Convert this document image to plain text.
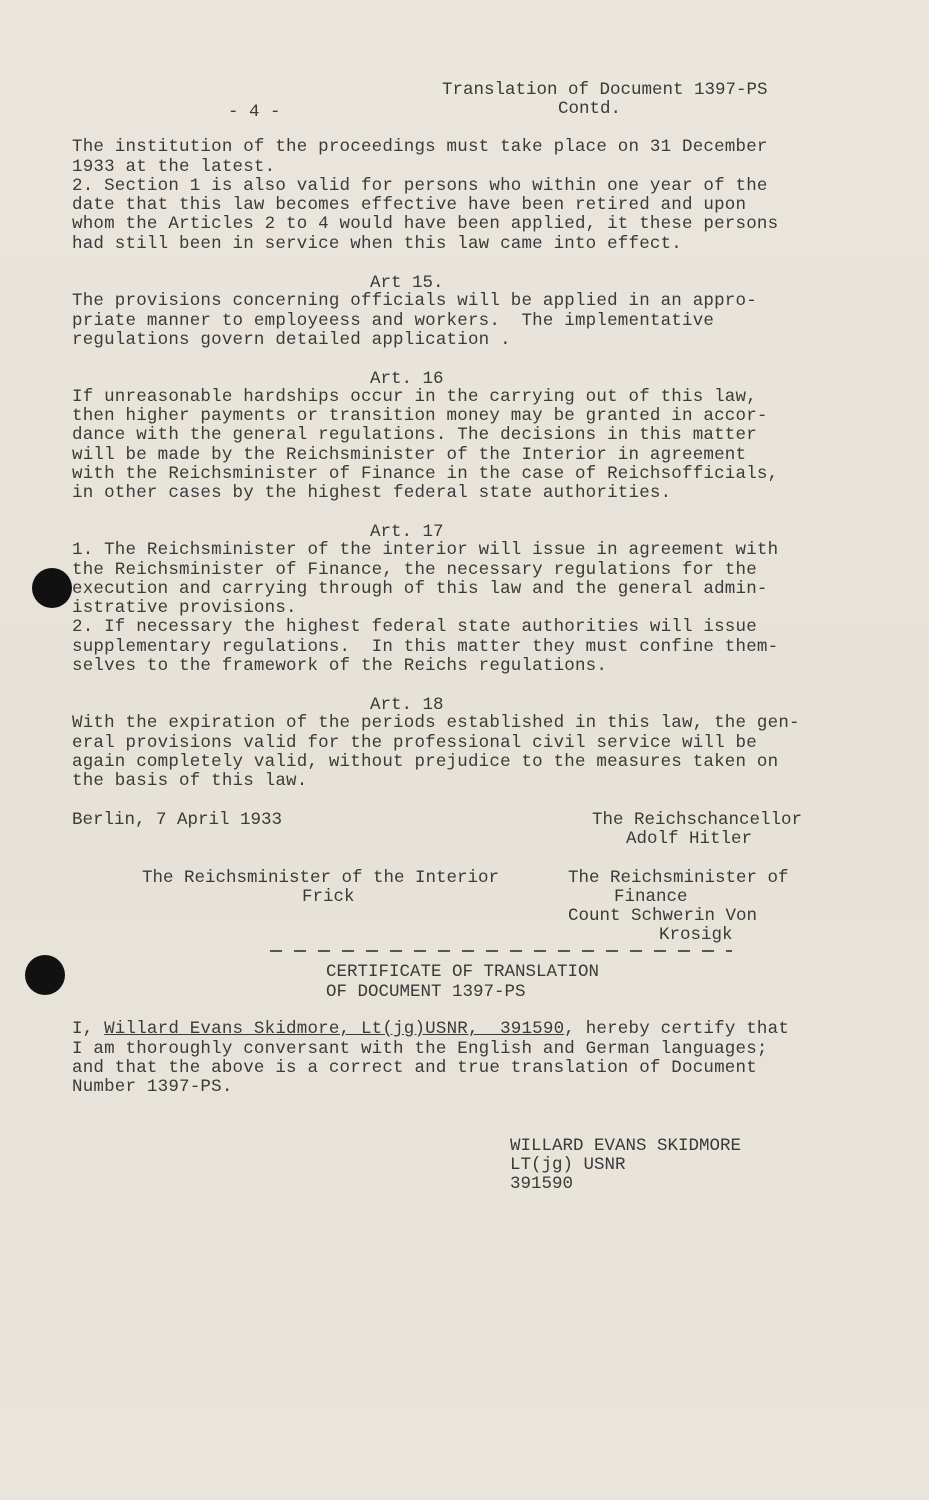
- 4 -
Translation of Document 1397-PS
Contd.
The institution of the proceedings must take place on 31 December
1933 at the latest.
2. Section 1 is also valid for persons who within one year of the
date that this law becomes effective have been retired and upon
whom the Articles 2 to 4 would have been applied, it these persons
had still been in service when this law came into effect.
Art 15.
The provisions concerning officials will be applied in an appro-
priate manner to employeess and workers.  The implementative
regulations govern detailed application .
Art. 16
If unreasonable hardships occur in the carrying out of this law,
then higher payments or transition money may be granted in accor-
dance with the general regulations. The decisions in this matter
will be made by the Reichsminister of the Interior in agreement
with the Reichsminister of Finance in the case of Reichsofficials,
in other cases by the highest federal state authorities.
Art. 17
1. The Reichsminister of the interior will issue in agreement with
the Reichsminister of Finance, the necessary regulations for the
execution and carrying through of this law and the general admin-
istrative provisions.
2. If necessary the highest federal state authorities will issue
supplementary regulations.  In this matter they must confine them-
selves to the framework of the Reichs regulations.
Art. 18
With the expiration of the periods established in this law, the gen-
eral provisions valid for the professional civil service will be
again completely valid, without prejudice to the measures taken on
the basis of this law.
Berlin, 7 April 1933	The Reichschancellor
Adolf Hitler
The Reichsminister of the Interior
Frick
The Reichsminister of
Finance
Count Schwerin Von
Krosigk
CERTIFICATE OF TRANSLATION
OF DOCUMENT 1397-PS
I, Willard Evans Skidmore, Lt(jg)USNR,  391590, hereby certify that
I am thoroughly conversant with the English and German languages;
and that the above is a correct and true translation of Document
Number 1397-PS.
WILLARD EVANS SKIDMORE
LT(jg) USNR
391590
